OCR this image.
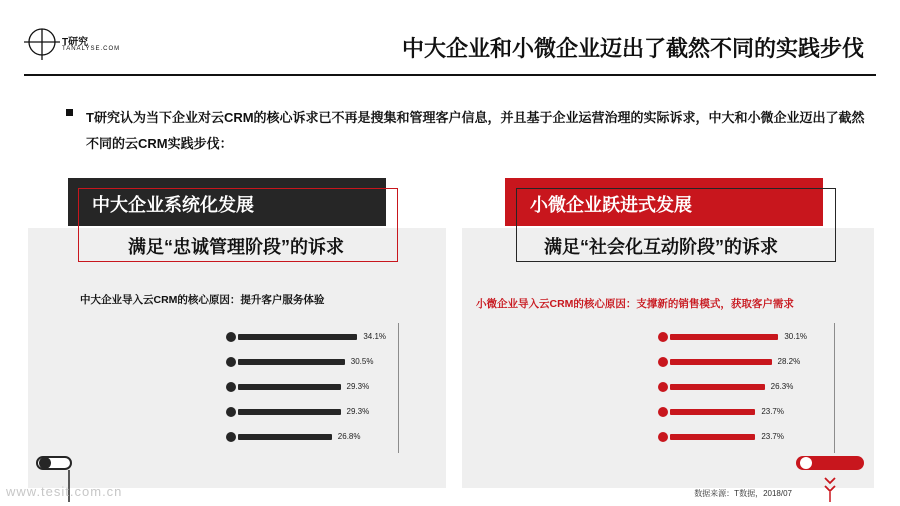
T研究
TANALYSE.COM	中大企业和小微企业迈出了截然不同的实践步伐
T研究认为当下企业对云CRM的核心诉求已不再是搜集和管理客户信息，并且基于企业运营治理的实际诉求，中大和小微企业迈出了截然不同的云CRM实践步伐：
中大企业系统化发展
满足“忠诚管理阶段”的诉求
中大企业导入云CRM的核心原因：提升客户服务体验
34.1%
30.5%
29.3%
29.3%
26.8%
小微企业跃进式发展
满足“社会化互动阶段”的诉求
小微企业导入云CRM的核心原因：支撑新的销售模式，获取客户需求
30.1%
28.2%
26.3%
23.7%
23.7%
数据来源：T数据，2018/07
www.tesit.com.cn
